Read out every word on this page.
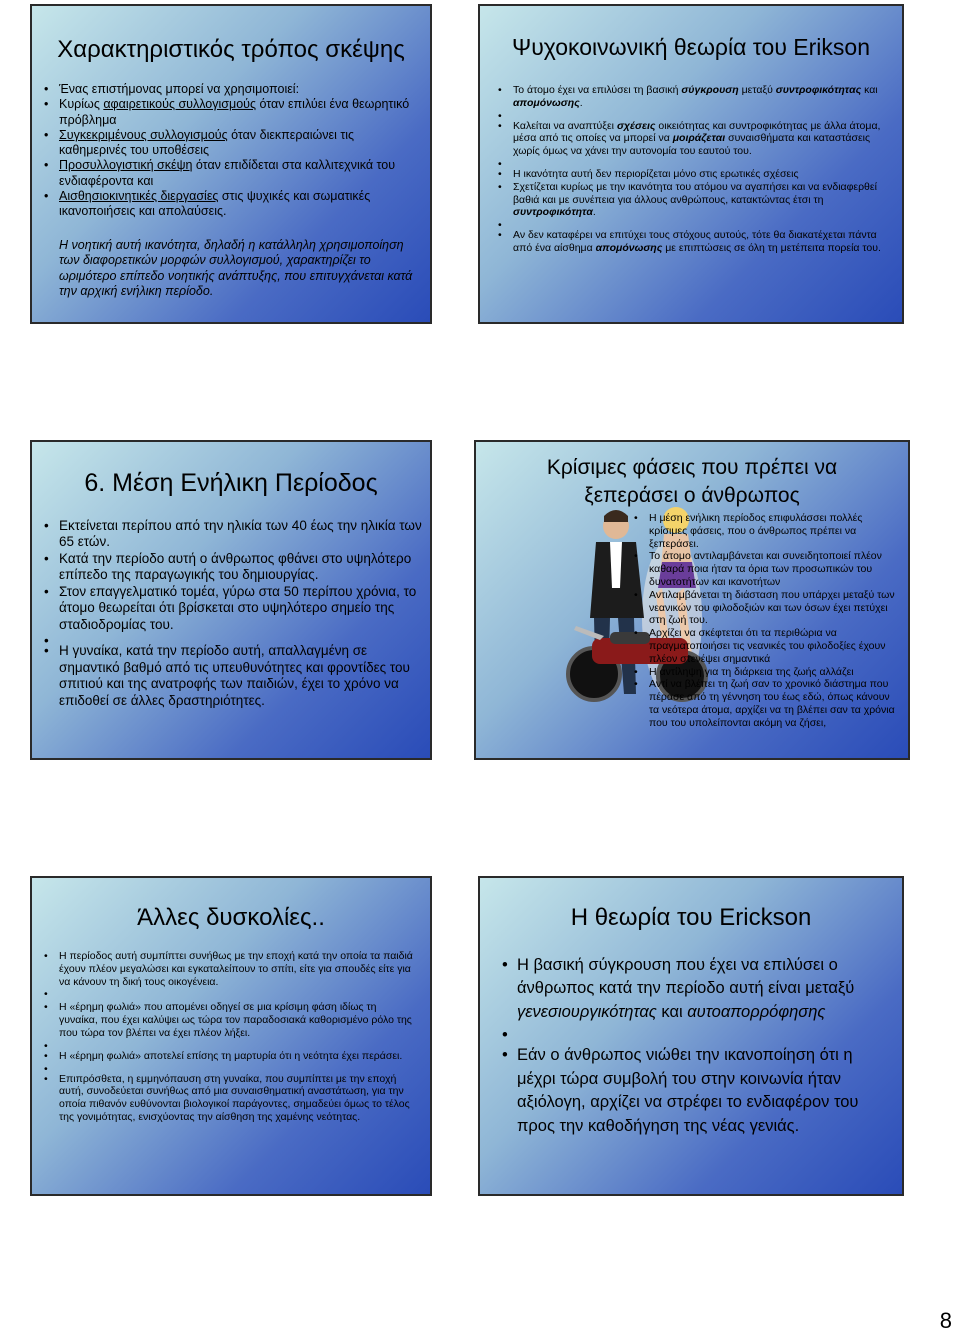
Χαρακτηριστικός τρόπος σκέψης
• Ένας επιστήμονας μπορεί να χρησιμοποιεί:
• Κυρίως αφαιρετικούς συλλογισμούς όταν επιλύει ένα θεωρητικό πρόβλημα
• Συγκεκριμένους συλλογισμούς όταν διεκπεραιώνει τις καθημερινές του υποθέσεις
• Προσυλλογιστική σκέψη όταν επιδίδεται στα καλλιτεχνικά του ενδιαφέροντα και
• Αισθησιοκινητικές διεργασίες στις ψυχικές και σωματικές ικανοποιήσεις και απολαύσεις.
Η νοητική αυτή ικανότητα, δηλαδή η κατάλληλη χρησιμοποίηση των διαφορετικών μορφών συλλογισμού, χαρακτηρίζει το ωριμότερο επίπεδο νοητικής ανάπτυξης, που επιτυγχάνεται κατά την αρχική ενήλικη περίοδο.
Ψυχοκοινωνική θεωρία του Erikson
• Το άτομο έχει να επιλύσει τη βασική σύγκρουση μεταξύ συντροφικότητας και απομόνωσης.
•
• Καλείται να αναπτύξει σχέσεις οικειότητας και συντροφικότητας με άλλα άτομα, μέσα από τις οποίες να μπορεί να μοιράζεται συναισθήματα και καταστάσεις χωρίς όμως να χάνει την αυτονομία του εαυτού του.
•
• Η ικανότητα αυτή δεν περιορίζεται μόνο στις ερωτικές σχέσεις
• Σχετίζεται κυρίως με την ικανότητα του ατόμου να αγαπήσει και να ενδιαφερθεί βαθιά και με συνέπεια για άλλους ανθρώπους, κατακτώντας έτσι τη συντροφικότητα.
•
• Αν δεν καταφέρει να επιτύχει τους στόχους αυτούς, τότε θα διακατέχεται πάντα από ένα αίσθημα απομόνωσης με επιπτώσεις σε όλη τη μετέπειτα πορεία του.
6. Μέση Ενήλικη Περίοδος
• Εκτείνεται περίπου από την ηλικία των 40 έως την ηλικία των 65 ετών.
• Κατά την περίοδο αυτή ο άνθρωπος φθάνει στο υψηλότερο επίπεδο της παραγωγικής του δημιουργίας.
• Στον επαγγελματικό τομέα, γύρω στα 50 περίπου χρόνια, το άτομο θεωρείται ότι βρίσκεται στο υψηλότερο σημείο της σταδιοδρομίας του.
•
• Η γυναίκα, κατά την περίοδο αυτή, απαλλαγμένη σε σημαντικό βαθμό από τις υπευθυνότητες και φροντίδες του σπιτιού και της ανατροφής των παιδιών, έχει το χρόνο να επιδοθεί σε άλλες δραστηριότητες.
Κρίσιμες φάσεις που πρέπει να ξεπεράσει ο άνθρωπος
• Η μέση ενήλικη περίοδος επιφυλάσσει πολλές κρίσιμες φάσεις, που ο άνθρωπος πρέπει να ξεπεράσει.
• Το άτομο αντιλαμβάνεται και συνειδητοποιεί πλέον καθαρά ποια ήταν τα όρια των προσωπικών του δυνατοτήτων και ικανοτήτων
• Αντιλαμβάνεται τη διάσταση που υπάρχει μεταξύ των νεανικών του φιλοδοξιών και των όσων έχει πετύχει στη ζωή του.
• Αρχίζει να σκέφτεται ότι τα περιθώρια να πραγματοποιήσει τις νεανικές του φιλοδοξίες έχουν πλέον στενέψει σημαντικά
• Η αντίληψη για τη διάρκεια της ζωής αλλάζει
• Αντί να βλέπει τη ζωή σαν το χρονικό διάστημα που πέρασε από τη γέννηση του έως εδώ, όπως κάνουν τα νεότερα άτομα, αρχίζει να τη βλέπει σαν τα χρόνια που του υπολείπονται ακόμη να ζήσει,
Άλλες δυσκολίες..
• Η περίοδος αυτή συμπίπτει συνήθως με την εποχή κατά την οποία τα παιδιά έχουν πλέον μεγαλώσει και εγκαταλείπουν το σπίτι, είτε για σπουδές είτε για να κάνουν τη δική τους οικογένεια.
•
• Η «έρημη φωλιά» που απομένει οδηγεί σε μια κρίσιμη φάση ιδίως τη γυναίκα, που έχει καλύψει ως τώρα τον παραδοσιακά καθορισμένο ρόλο της που τώρα τον βλέπει να έχει πλέον λήξει.
•
• Η «έρημη φωλιά» αποτελεί επίσης τη μαρτυρία ότι η νεότητα έχει περάσει.
•
• Επιπρόσθετα, η εμμηνόπαυση στη γυναίκα, που συμπίπτει με την εποχή αυτή, συνοδεύεται συνήθως από μια συναισθηματική αναστάτωση, για την οποία πιθανόν ευθύνονται βιολογικοί παράγοντες, σημαδεύει όμως το τέλος της γονιμότητας, ενισχύοντας την αίσθηση της χαμένης νεότητας.
Η θεωρία του Erickson
• Η βασική σύγκρουση που έχει να επιλύσει ο άνθρωπος κατά την περίοδο αυτή είναι μεταξύ γενεσιουργικότητας και αυτοαπορρόφησης
•
• Εάν ο άνθρωπος νιώθει την ικανοποίηση ότι η μέχρι τώρα συμβολή του στην κοινωνία ήταν αξιόλογη, αρχίζει να στρέφει το ενδιαφέρον του προς την καθοδήγηση της νέας γενιάς.
8
